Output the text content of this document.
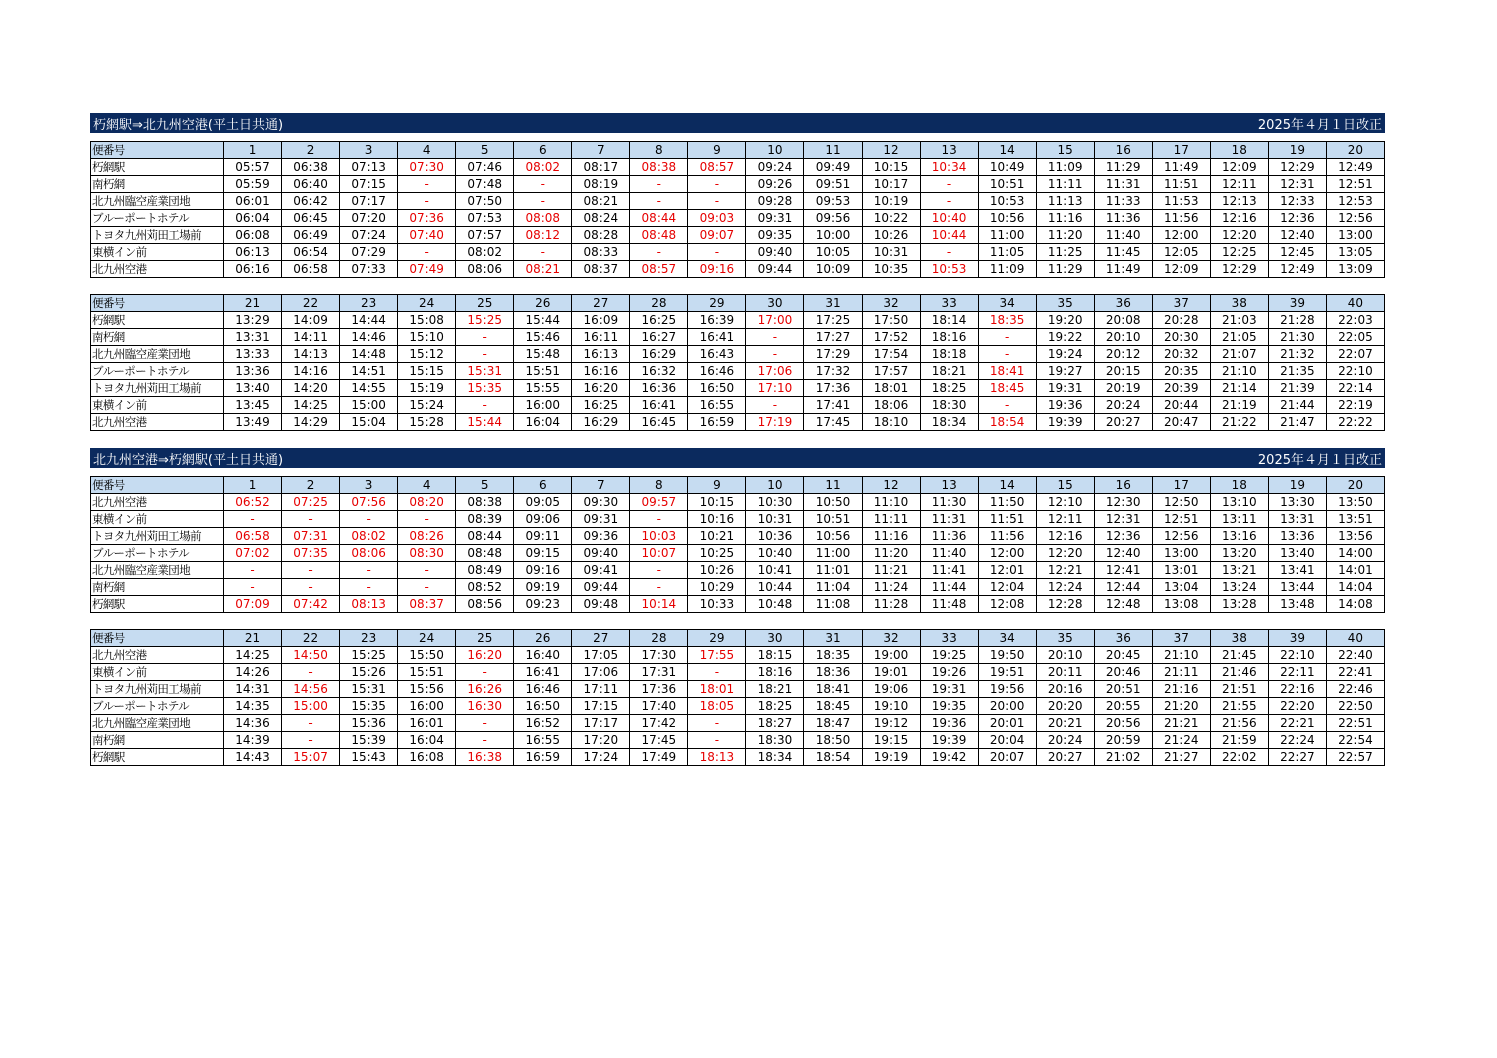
朽網駅⇒北九州空港(平土日共通)	2025年４月１日改正
便番号	1	2	3	4	5	6	7	8	9	10	11	12	13	14	15	16	17	18	19	20
朽網駅	05:57	06:38	07:13	07:30	07:46	08:02	08:17	08:38	08:57	09:24	09:49	10:15	10:34	10:49	11:09	11:29	11:49	12:09	12:29	12:49
南朽網	05:59	06:40	07:15	-	07:48	-	08:19	-	-	09:26	09:51	10:17	-	10:51	11:11	11:31	11:51	12:11	12:31	12:51
北九州臨空産業団地	06:01	06:42	07:17	-	07:50	-	08:21	-	-	09:28	09:53	10:19	-	10:53	11:13	11:33	11:53	12:13	12:33	12:53
ブルーポートホテル	06:04	06:45	07:20	07:36	07:53	08:08	08:24	08:44	09:03	09:31	09:56	10:22	10:40	10:56	11:16	11:36	11:56	12:16	12:36	12:56
トヨタ九州苅田工場前	06:08	06:49	07:24	07:40	07:57	08:12	08:28	08:48	09:07	09:35	10:00	10:26	10:44	11:00	11:20	11:40	12:00	12:20	12:40	13:00
東横イン前	06:13	06:54	07:29	-	08:02	-	08:33	-	-	09:40	10:05	10:31	-	11:05	11:25	11:45	12:05	12:25	12:45	13:05
北九州空港	06:16	06:58	07:33	07:49	08:06	08:21	08:37	08:57	09:16	09:44	10:09	10:35	10:53	11:09	11:29	11:49	12:09	12:29	12:49	13:09
便番号	21	22	23	24	25	26	27	28	29	30	31	32	33	34	35	36	37	38	39	40
朽網駅	13:29	14:09	14:44	15:08	15:25	15:44	16:09	16:25	16:39	17:00	17:25	17:50	18:14	18:35	19:20	20:08	20:28	21:03	21:28	22:03
南朽網	13:31	14:11	14:46	15:10	-	15:46	16:11	16:27	16:41	-	17:27	17:52	18:16	-	19:22	20:10	20:30	21:05	21:30	22:05
北九州臨空産業団地	13:33	14:13	14:48	15:12	-	15:48	16:13	16:29	16:43	-	17:29	17:54	18:18	-	19:24	20:12	20:32	21:07	21:32	22:07
ブルーポートホテル	13:36	14:16	14:51	15:15	15:31	15:51	16:16	16:32	16:46	17:06	17:32	17:57	18:21	18:41	19:27	20:15	20:35	21:10	21:35	22:10
トヨタ九州苅田工場前	13:40	14:20	14:55	15:19	15:35	15:55	16:20	16:36	16:50	17:10	17:36	18:01	18:25	18:45	19:31	20:19	20:39	21:14	21:39	22:14
東横イン前	13:45	14:25	15:00	15:24	-	16:00	16:25	16:41	16:55	-	17:41	18:06	18:30	-	19:36	20:24	20:44	21:19	21:44	22:19
北九州空港	13:49	14:29	15:04	15:28	15:44	16:04	16:29	16:45	16:59	17:19	17:45	18:10	18:34	18:54	19:39	20:27	20:47	21:22	21:47	22:22
北九州空港⇒朽網駅(平土日共通)	2025年４月１日改正
便番号	1	2	3	4	5	6	7	8	9	10	11	12	13	14	15	16	17	18	19	20
北九州空港	06:52	07:25	07:56	08:20	08:38	09:05	09:30	09:57	10:15	10:30	10:50	11:10	11:30	11:50	12:10	12:30	12:50	13:10	13:30	13:50
東横イン前	-	-	-	-	08:39	09:06	09:31	-	10:16	10:31	10:51	11:11	11:31	11:51	12:11	12:31	12:51	13:11	13:31	13:51
トヨタ九州苅田工場前	06:58	07:31	08:02	08:26	08:44	09:11	09:36	10:03	10:21	10:36	10:56	11:16	11:36	11:56	12:16	12:36	12:56	13:16	13:36	13:56
ブルーポートホテル	07:02	07:35	08:06	08:30	08:48	09:15	09:40	10:07	10:25	10:40	11:00	11:20	11:40	12:00	12:20	12:40	13:00	13:20	13:40	14:00
北九州臨空産業団地	-	-	-	-	08:49	09:16	09:41	-	10:26	10:41	11:01	11:21	11:41	12:01	12:21	12:41	13:01	13:21	13:41	14:01
南朽網	-	-	-	-	08:52	09:19	09:44	-	10:29	10:44	11:04	11:24	11:44	12:04	12:24	12:44	13:04	13:24	13:44	14:04
朽網駅	07:09	07:42	08:13	08:37	08:56	09:23	09:48	10:14	10:33	10:48	11:08	11:28	11:48	12:08	12:28	12:48	13:08	13:28	13:48	14:08
便番号	21	22	23	24	25	26	27	28	29	30	31	32	33	34	35	36	37	38	39	40
北九州空港	14:25	14:50	15:25	15:50	16:20	16:40	17:05	17:30	17:55	18:15	18:35	19:00	19:25	19:50	20:10	20:45	21:10	21:45	22:10	22:40
東横イン前	14:26	-	15:26	15:51	-	16:41	17:06	17:31	-	18:16	18:36	19:01	19:26	19:51	20:11	20:46	21:11	21:46	22:11	22:41
トヨタ九州苅田工場前	14:31	14:56	15:31	15:56	16:26	16:46	17:11	17:36	18:01	18:21	18:41	19:06	19:31	19:56	20:16	20:51	21:16	21:51	22:16	22:46
ブルーポートホテル	14:35	15:00	15:35	16:00	16:30	16:50	17:15	17:40	18:05	18:25	18:45	19:10	19:35	20:00	20:20	20:55	21:20	21:55	22:20	22:50
北九州臨空産業団地	14:36	-	15:36	16:01	-	16:52	17:17	17:42	-	18:27	18:47	19:12	19:36	20:01	20:21	20:56	21:21	21:56	22:21	22:51
南朽網	14:39	-	15:39	16:04	-	16:55	17:20	17:45	-	18:30	18:50	19:15	19:39	20:04	20:24	20:59	21:24	21:59	22:24	22:54
朽網駅	14:43	15:07	15:43	16:08	16:38	16:59	17:24	17:49	18:13	18:34	18:54	19:19	19:42	20:07	20:27	21:02	21:27	22:02	22:27	22:57
